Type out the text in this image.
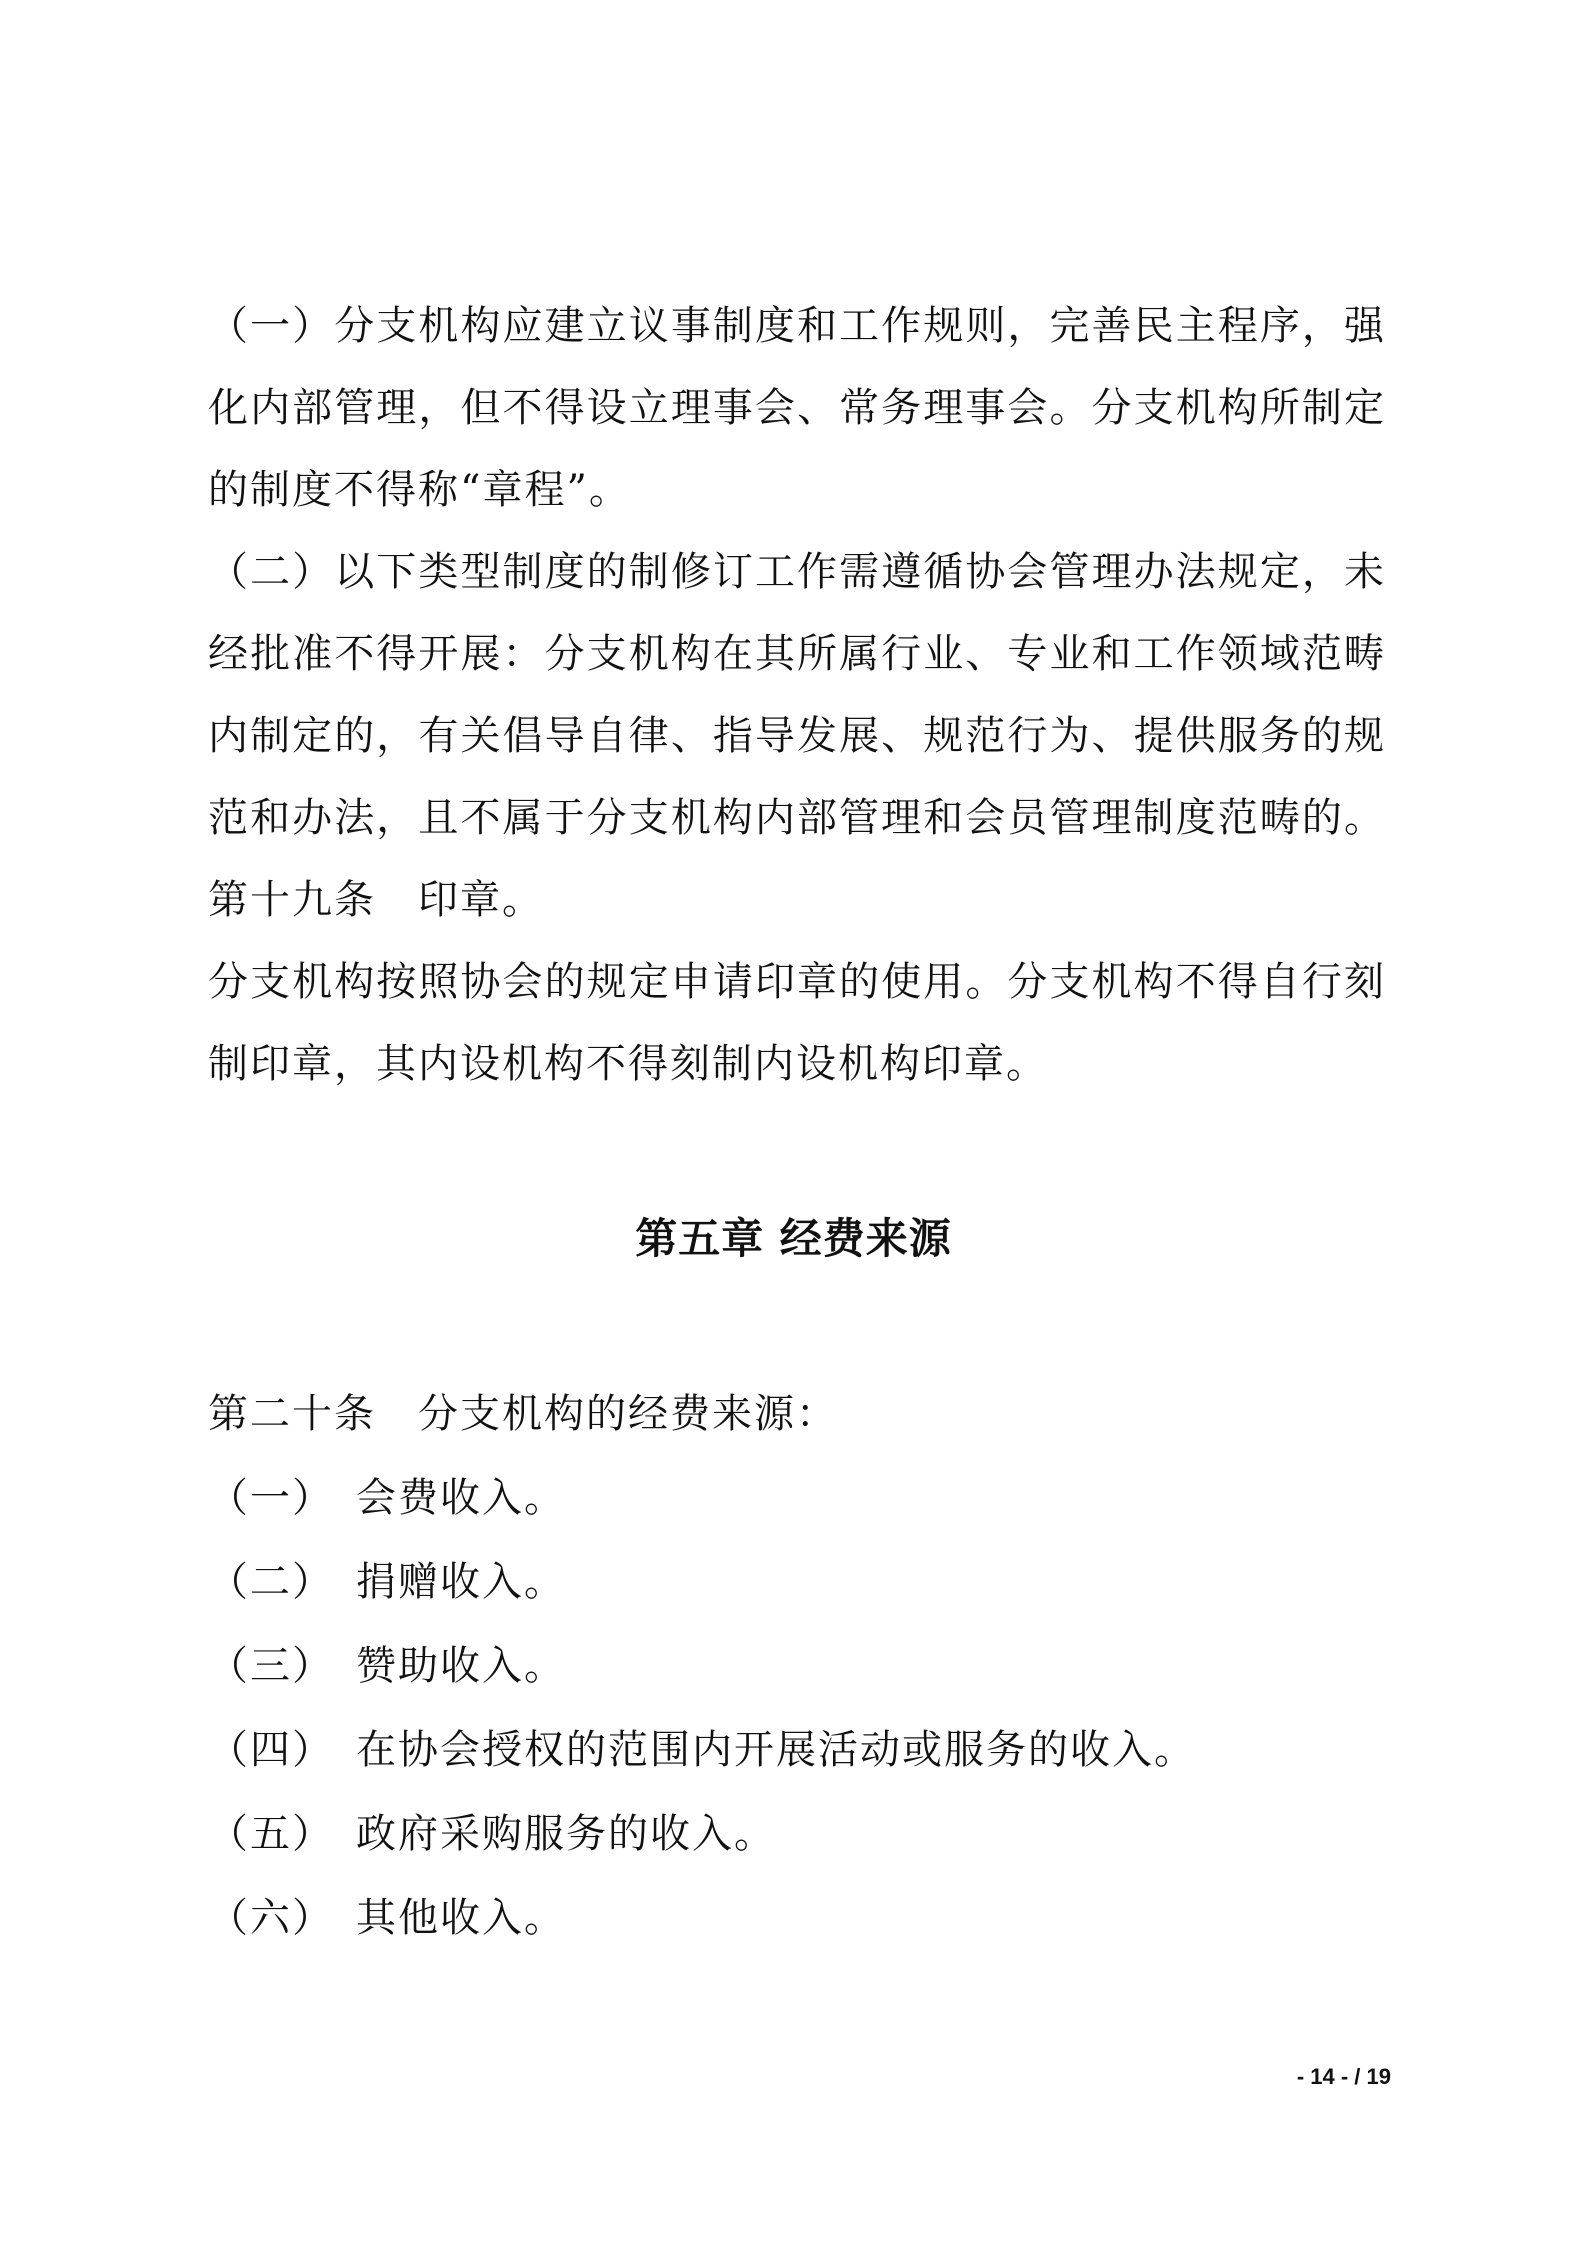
（一）分支机构应建立议事制度和工作规则，完善民主程序，强
化内部管理，但不得设立理事会、常务理事会。分支机构所制定
的制度不得称“章程”。
（二）以下类型制度的制修订工作需遵循协会管理办法规定，未
经批准不得开展：分支机构在其所属行业、专业和工作领域范畴
内制定的，有关倡导自律、指导发展、规范行为、提供服务的规
范和办法，且不属于分支机构内部管理和会员管理制度范畴的。
第十九条　印章。
分支机构按照协会的规定申请印章的使用。分支机构不得自行刻
制印章，其内设机构不得刻制内设机构印章。
第五章 经费来源
第二十条　分支机构的经费来源：
（一） 会费收入。
（二） 捐赠收入。
（三） 赞助收入。
（四） 在协会授权的范围内开展活动或服务的收入。
（五） 政府采购服务的收入。
（六） 其他收入。
- 14 - / 19
